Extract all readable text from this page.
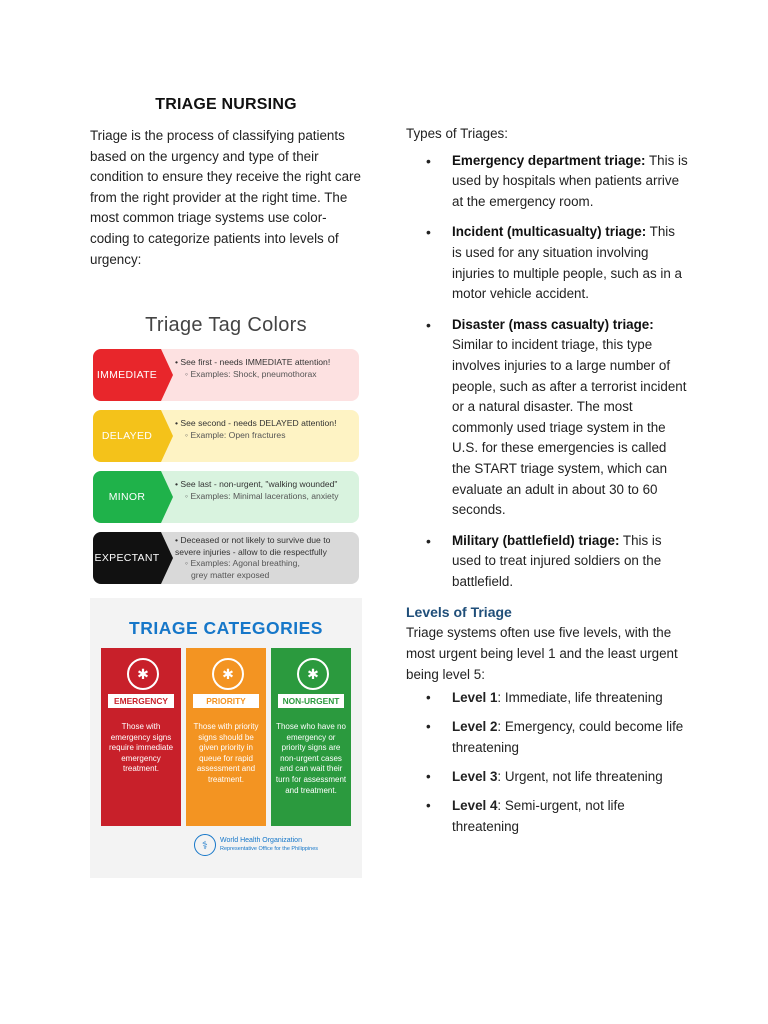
TRIAGE NURSING

Triage is the process of classifying patients based on the urgency and type of their condition to ensure they receive the right care from the right provider at the right time. The most common triage systems use color-coding to categorize patients into levels of urgency:

Triage Tag Colors
IMMEDIATE
• See first - needs IMMEDIATE attention!
◦ Examples: Shock, pneumothorax
DELAYED
• See second - needs DELAYED attention!
◦ Example: Open fractures
MINOR
• See last - non-urgent, "walking wounded"
◦ Examples: Minimal lacerations, anxiety
EXPECTANT
• Deceased or not likely to survive due to severe injuries - allow to die respectfully
◦ Examples: Agonal breathing,
grey matter exposed
TRIAGE CATEGORIES
✱
EMERGENCY
Those with emergency signs require immediate emergency treatment.
✱
PRIORITY
Those with priority signs should be given priority in queue for rapid assessment and treatment.
✱
NON-URGENT
Those who have no emergency or priority signs are non-urgent cases and can wait their turn for assessment and treatment.
⚕	World Health Organization
Representative Office for the Philippines

Types of Triages:

• Emergency department triage: This is used by hospitals when patients arrive at the emergency room.
• Incident (multicasualty) triage: This is used for any situation involving injuries to multiple people, such as in a motor vehicle accident.
• Disaster (mass casualty) triage: Similar to incident triage, this type involves injuries to a large number of people, such as after a terrorist incident or a natural disaster. The most commonly used triage system in the U.S. for these emergencies is called the START triage system, which can evaluate an adult in about 30 to 60 seconds.
• Military (battlefield) triage: This is used to treat injured soldiers on the battlefield.
Levels of Triage

Triage systems often use five levels, with the most urgent being level 1 and the least urgent being level 5:

• Level 1: Immediate, life threatening
• Level 2: Emergency, could become life threatening
• Level 3: Urgent, not life threatening
• Level 4: Semi-urgent, not life threatening
